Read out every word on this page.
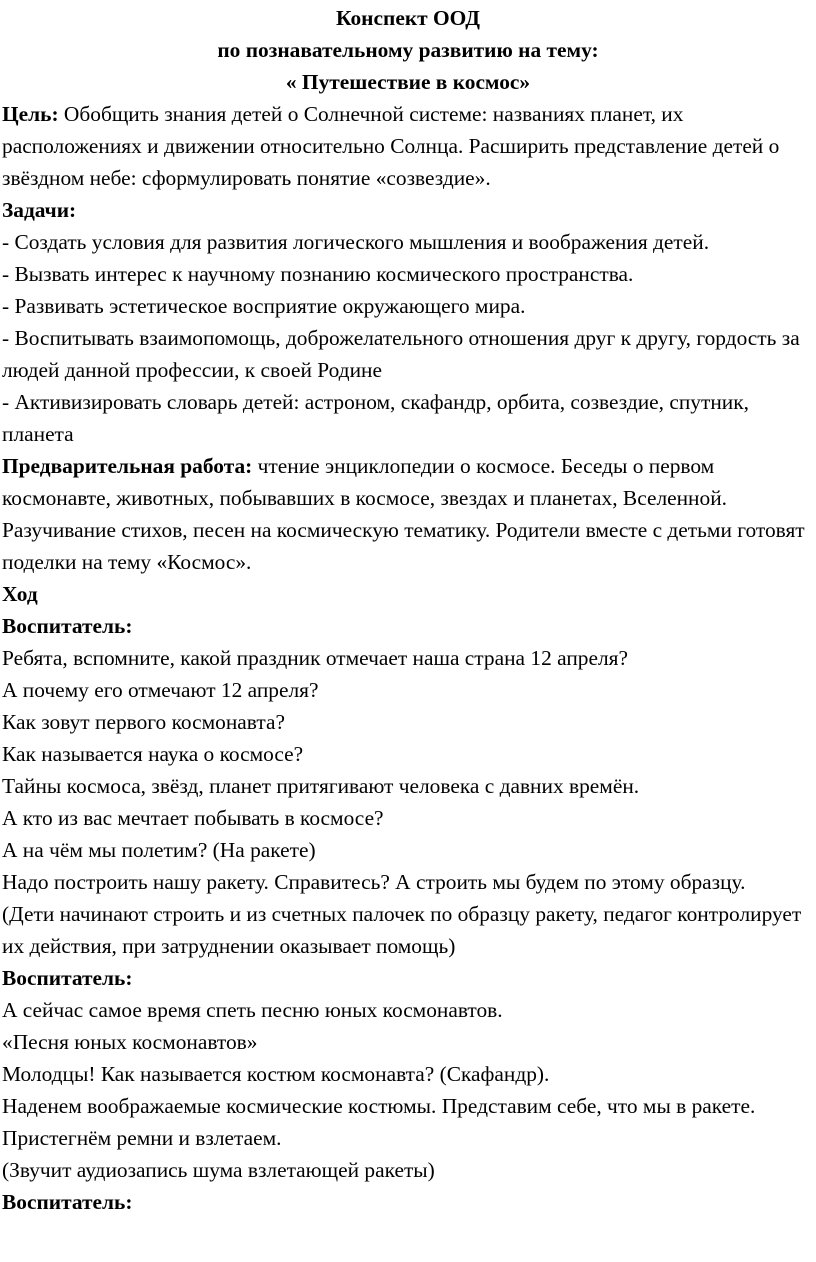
Конспект ООД
по познавательному развитию на тему:
« Путешествие в космос»
Цель: Обобщить знания детей о Солнечной системе: названиях планет, их расположениях и движении относительно Солнца. Расширить представление детей о звёздном небе: сформулировать понятие «созвездие».
Задачи:
- Создать условия для развития логического мышления и воображения детей.
- Вызвать интерес к научному познанию космического пространства.
- Развивать эстетическое восприятие окружающего мира.
- Воспитывать взаимопомощь, доброжелательного отношения друг к другу, гордость за людей данной профессии, к своей Родине
- Активизировать словарь детей: астроном, скафандр, орбита, созвездие, спутник, планета
Предварительная работа: чтение энциклопедии о космосе. Беседы о первом космонавте, животных, побывавших в космосе, звездах и планетах, Вселенной. Разучивание стихов, песен на космическую тематику. Родители вместе с детьми готовят поделки на тему «Космос».
Ход
Воспитатель:
Ребята, вспомните, какой праздник отмечает наша страна 12 апреля?
А почему его отмечают 12 апреля?
Как зовут первого космонавта?
Как называется наука о космосе?
Тайны космоса, звёзд, планет притягивают человека с давних времён.
А кто из вас мечтает побывать в космосе?
А на чём мы полетим? (На ракете)
Надо построить нашу ракету. Справитесь? А строить мы будем по этому образцу.
(Дети начинают строить и из счетных палочек по образцу ракету, педагог контролирует их действия, при затруднении оказывает помощь)
Воспитатель:
А сейчас самое время спеть песню юных космонавтов.
«Песня юных космонавтов»
Молодцы! Как называется костюм космонавта? (Скафандр).
Наденем воображаемые космические костюмы. Представим себе, что мы в ракете. Пристегнём ремни и взлетаем.
(Звучит аудиозапись шума взлетающей ракеты)
Воспитатель:
